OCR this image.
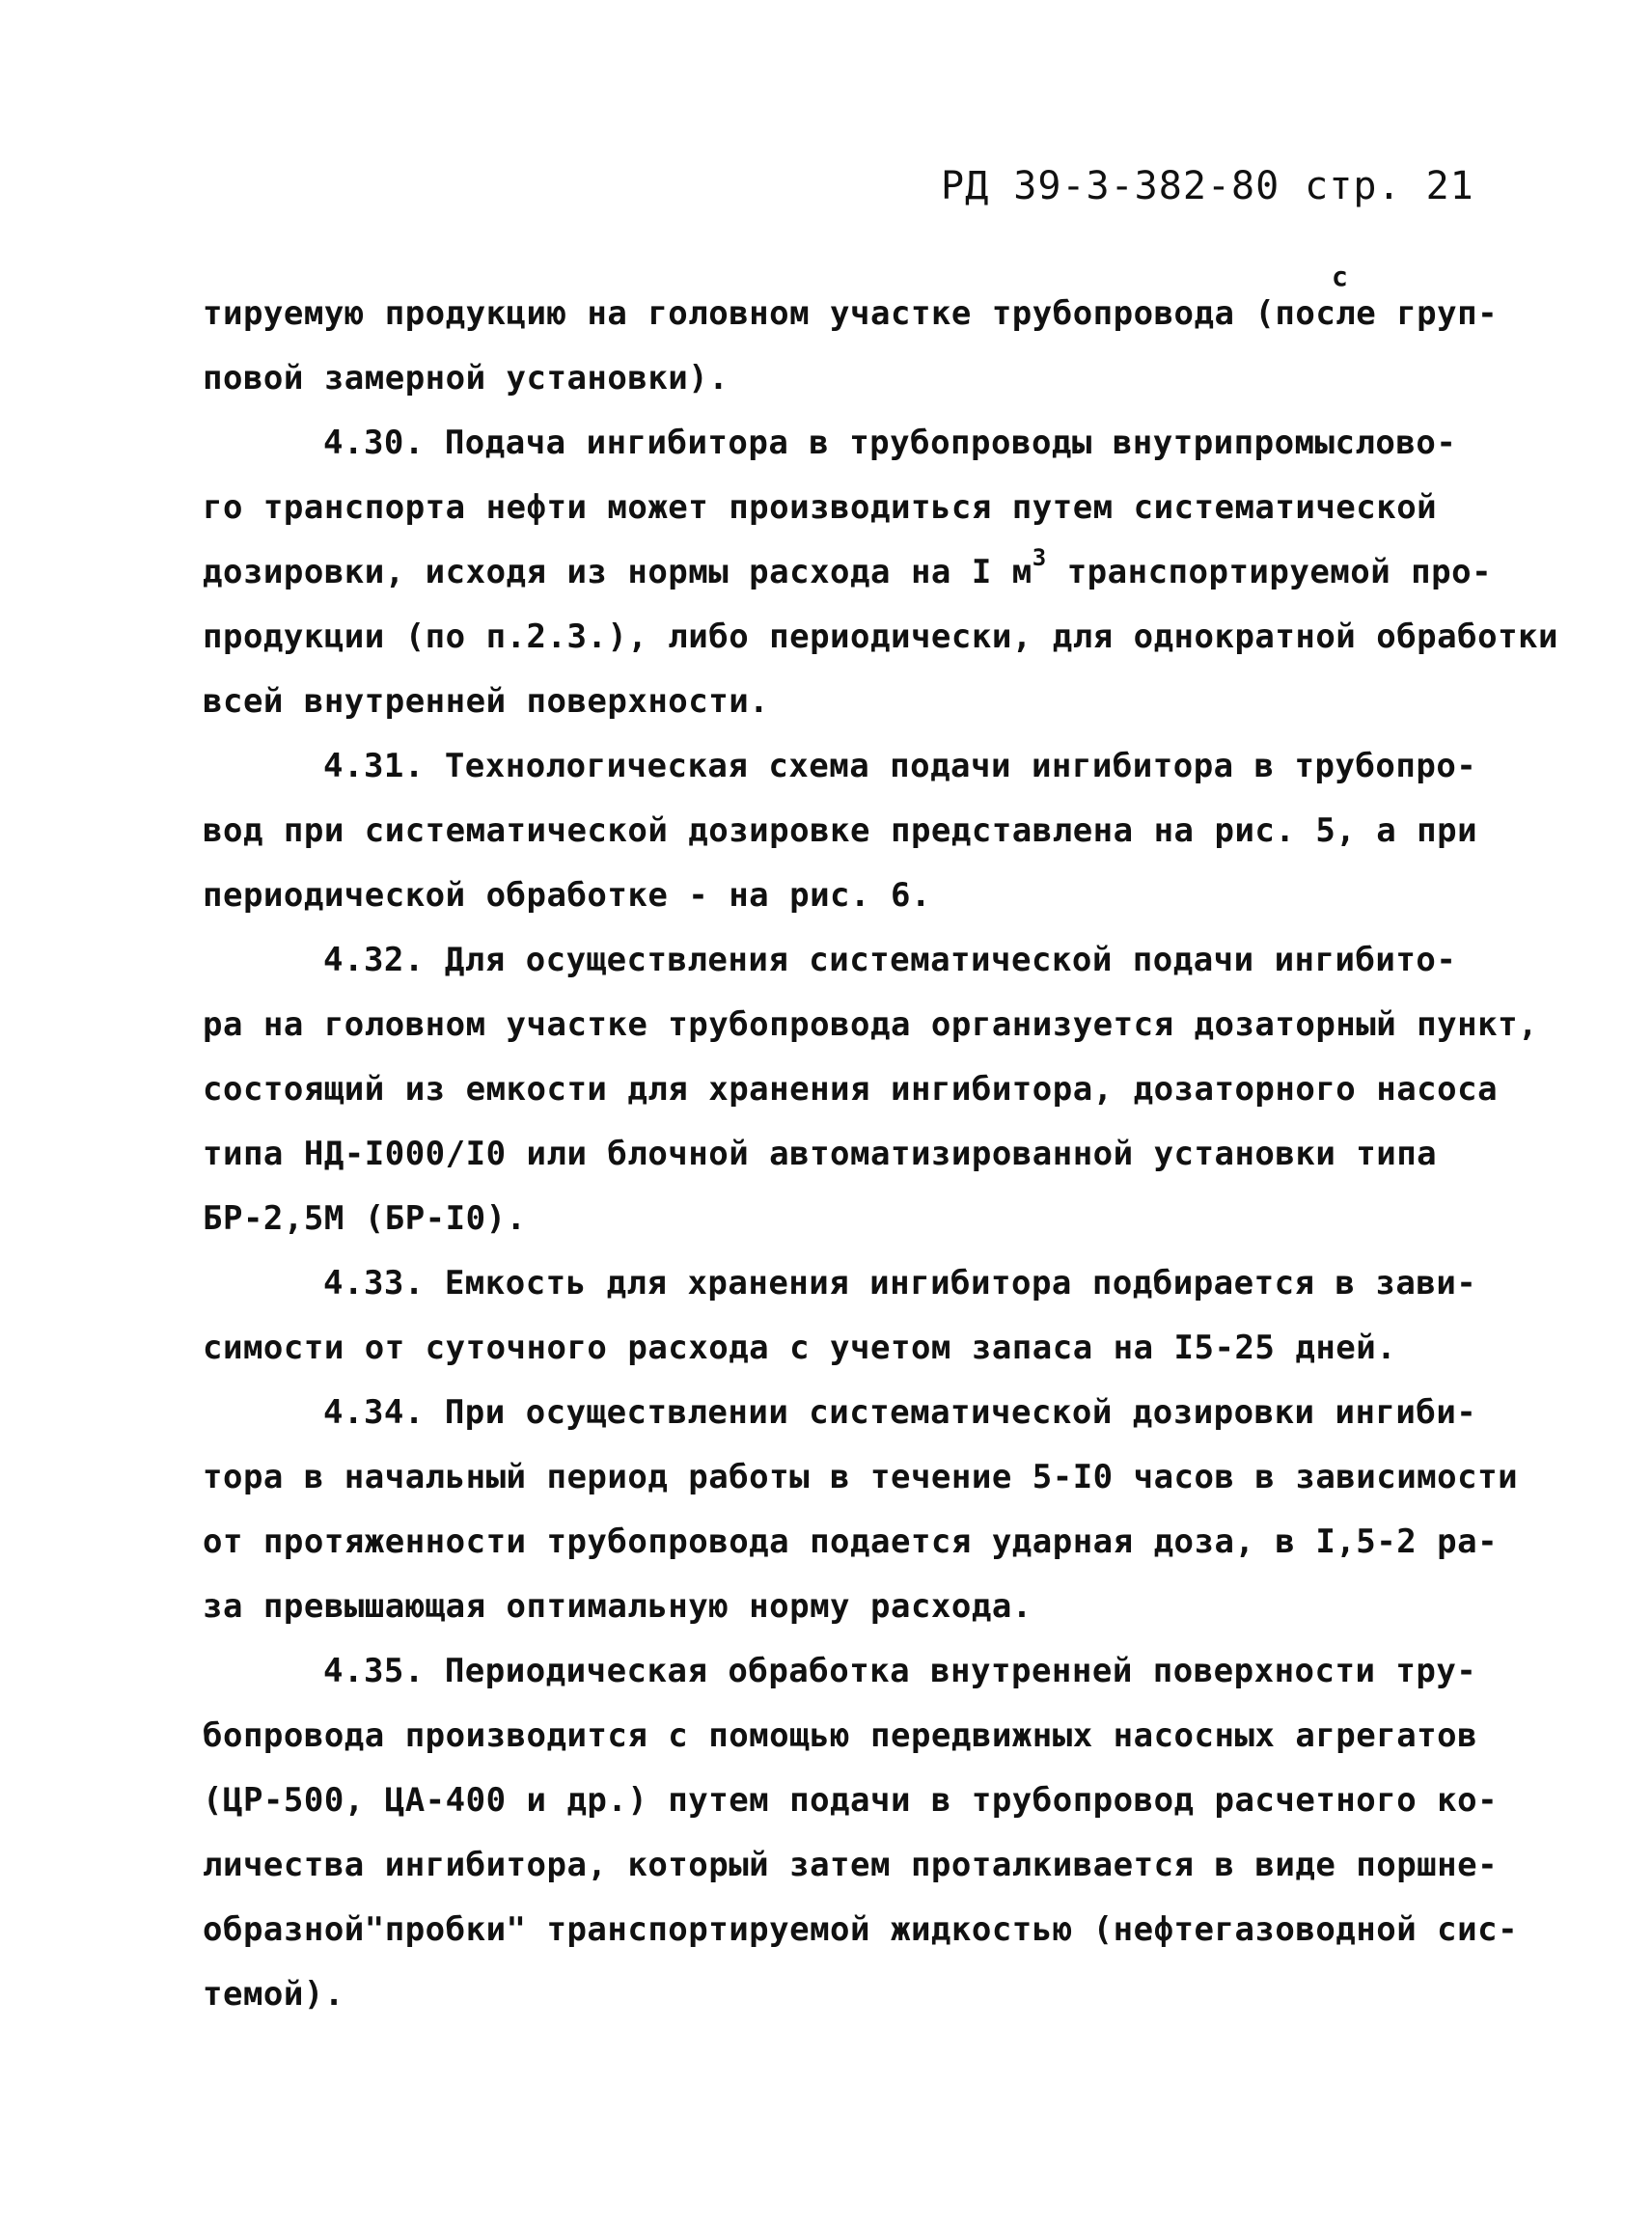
РД 39-3-382-80 стр. 21
с
тируемую продукцию на головном участке трубопровода (после груп-
повой замерной установки).
4.30. Подача ингибитора в трубопроводы внутрипромыслово-
го транспорта нефти может производиться путем систематической
дозировки, исходя из нормы расхода на I $м^3$ транспортируемой про-
продукции (по п.2.3.), либо периодически, для однократной обработки
всей внутренней поверхности.
4.31. Технологическая схема подачи ингибитора в трубопро-
вод при систематической дозировке представлена на рис. 5, а при
периодической обработке - на рис. 6.
4.32. Для осуществления систематической подачи ингибито-
ра на головном участке трубопровода организуется дозаторный пункт,
состоящий из емкости для хранения ингибитора, дозаторного насоса
типа НД-I000/I0 или блочной автоматизированной установки типа
БР-2,5М (БР-I0).
4.33. Емкость для хранения ингибитора подбирается в зави-
симости от суточного расхода с учетом запаса на I5-25 дней.
4.34. При осуществлении систематической дозировки ингиби-
тора в начальный период работы в течение 5-I0 часов в зависимости
от протяженности трубопровода подается ударная доза, в I,5-2 ра-
за превышающая оптимальную норму расхода.
4.35. Периодическая обработка внутренней поверхности тру-
бопровода производится с помощью передвижных насосных агрегатов
(ЦР-500, ЦА-400 и др.) путем подачи в трубопровод расчетного ко-
личества ингибитора, который затем проталкивается в виде поршне-
образной"пробки" транспортируемой жидкостью (нефтегазоводной сис-
темой).
